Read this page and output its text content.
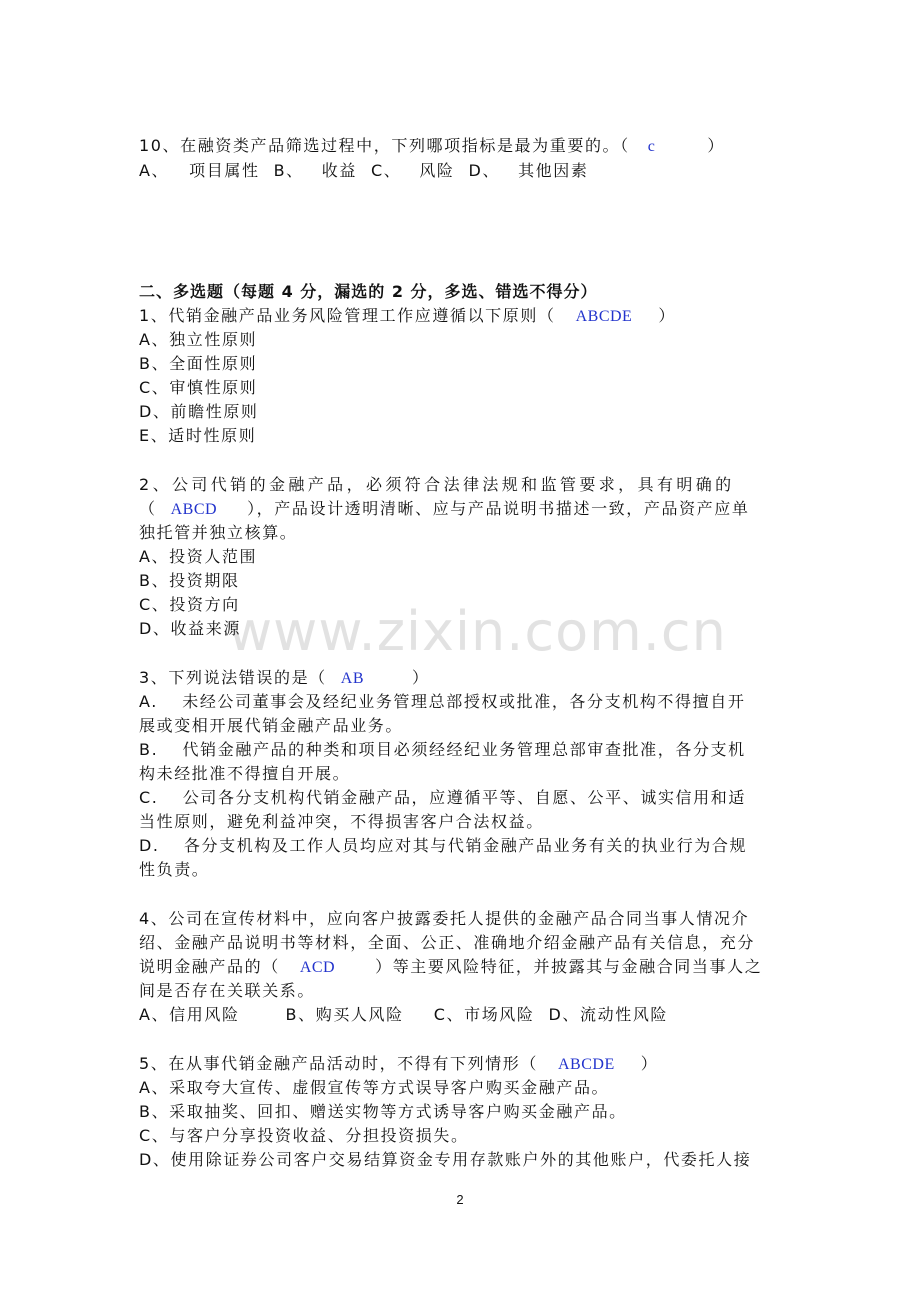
www.zixin.com.cn
10、在融资类产品筛选过程中，下列哪项指标是最为重要的。（ c	）
A、 项目属性 B、 收益 C、 风险 D、 其他因素
二、多选题（每题 4 分，漏选的 2 分，多选、错选不得分）
1、代销金融产品业务风险管理工作应遵循以下原则（ ABCDE ）
A、独立性原则
B、全面性原则
C、审慎性原则
D、前瞻性原则
E、适时性原则
2、公司代销的金融产品，必须符合法律法规和监管要求，具有明确的
（ ABCD ），产品设计透明清晰、应与产品说明书描述一致，产品资产应单
独托管并独立核算。
A、投资人范围
B、投资期限
C、投资方向
D、收益来源
3、下列说法错误的是（ AB	）
A.　 未经公司董事会及经纪业务管理总部授权或批准，各分支机构不得擅自开
展或变相开展代销金融产品业务。
B.　 代销金融产品的种类和项目必须经经纪业务管理总部审查批准，各分支机
构未经批准不得擅自开展。
C.　 公司各分支机构代销金融产品，应遵循平等、自愿、公平、诚实信用和适
当性原则，避免利益冲突，不得损害客户合法权益。
D.　 各分支机构及工作人员均应对其与代销金融产品业务有关的执业行为合规
性负责。
4、公司在宣传材料中，应向客户披露委托人提供的金融产品合同当事人情况介
绍、金融产品说明书等材料，全面、公正、准确地介绍金融产品有关信息，充分
说明金融产品的（ ACD	）等主要风险特征，并披露其与金融合同当事人之
间是否存在关联关系。
A、信用风险	B、购买人风险 C、市场风险 D、流动性风险
5、在从事代销金融产品活动时，不得有下列情形（ ABCDE ）
A、采取夸大宣传、虚假宣传等方式误导客户购买金融产品。
B、采取抽奖、回扣、赠送实物等方式诱导客户购买金融产品。
C、与客户分享投资收益、分担投资损失。
D、使用除证券公司客户交易结算资金专用存款账户外的其他账户，代委托人接
2
